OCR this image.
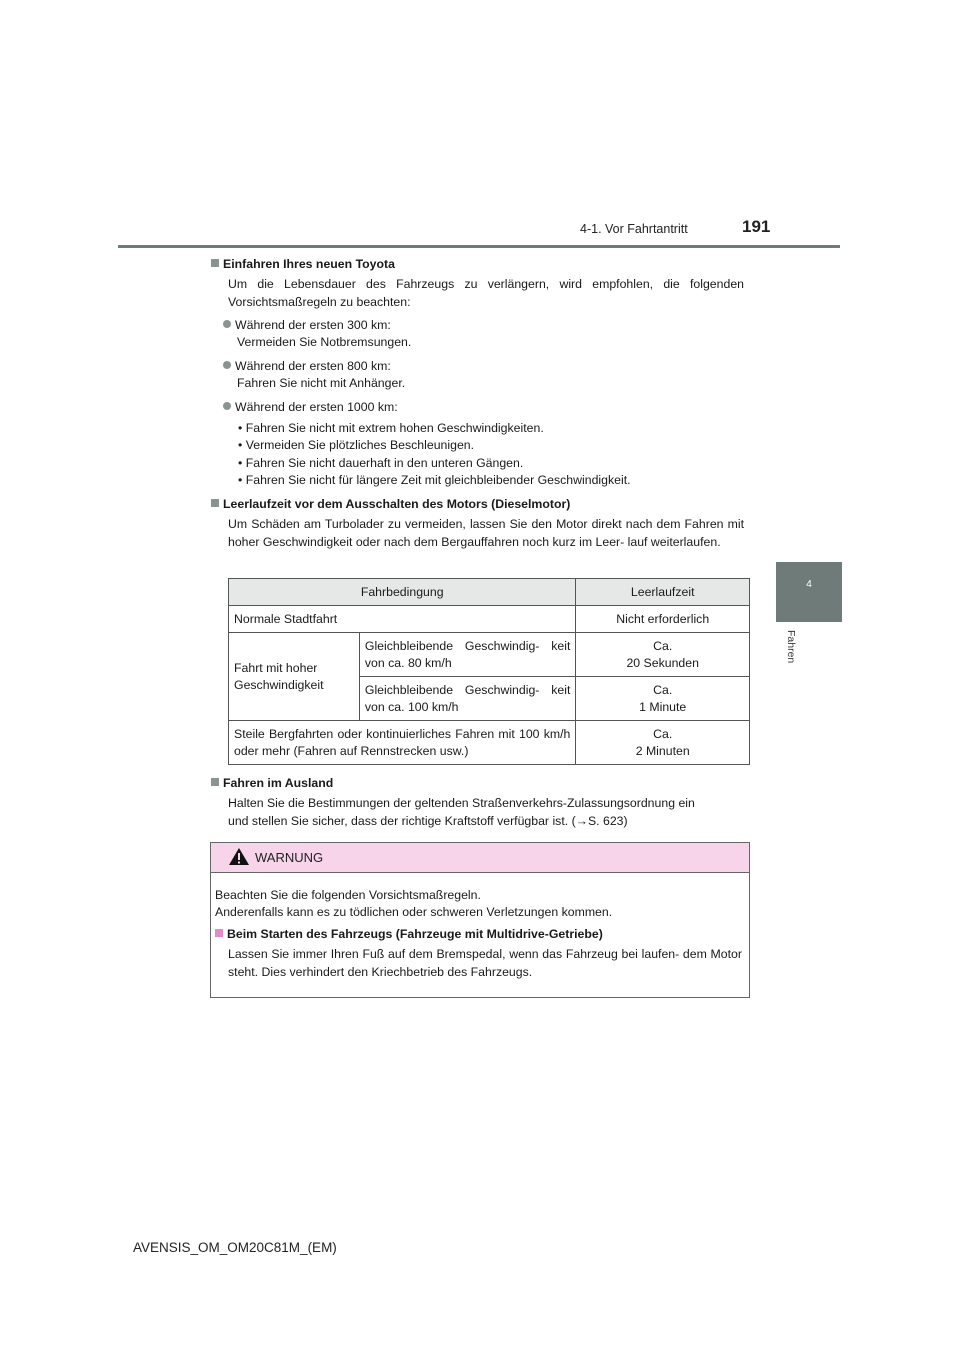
4-1. Vor Fahrtantritt	191
4
Fahren
Einfahren Ihres neuen Toyota
Um die Lebensdauer des Fahrzeugs zu verlängern, wird empfohlen, die folgenden Vorsichtsmaßregeln zu beachten:
Während der ersten 300 km:
Vermeiden Sie Notbremsungen.
Während der ersten 800 km:
Fahren Sie nicht mit Anhänger.
Während der ersten 1000 km:
• Fahren Sie nicht mit extrem hohen Geschwindigkeiten.
• Vermeiden Sie plötzliches Beschleunigen.
• Fahren Sie nicht dauerhaft in den unteren Gängen.
• Fahren Sie nicht für längere Zeit mit gleichbleibender Geschwindigkeit.
Leerlaufzeit vor dem Ausschalten des Motors (Dieselmotor)
Um Schäden am Turbolader zu vermeiden, lassen Sie den Motor direkt nach dem Fahren mit hoher Geschwindigkeit oder nach dem Bergauffahren noch kurz im Leer- lauf weiterlaufen.
Fahrbedingung		Leerlaufzeit
Normale Stadtfahrt		Nicht erforderlich
Fahrt mit hoher Geschwindigkeit	Gleichbleibende Geschwindig- keit von ca. 80 km/h	Ca.
20 Sekunden

	Gleichbleibende Geschwindig- keit von ca. 100 km/h	Ca.
1 Minute

Steile Bergfahrten oder kontinuierliches Fahren mit 100 km/h oder mehr (Fahren auf Rennstrecken usw.)		Ca.
2 Minuten
Fahren im Ausland
Halten Sie die Bestimmungen der geltenden Straßenverkehrs-Zulassungsordnung ein
und stellen Sie sicher, dass der richtige Kraftstoff verfügbar ist. (→S. 623)
WARNUNG
Beachten Sie die folgenden Vorsichtsmaßregeln.
Anderenfalls kann es zu tödlichen oder schweren Verletzungen kommen.
Beim Starten des Fahrzeugs (Fahrzeuge mit Multidrive-Getriebe)
Lassen Sie immer Ihren Fuß auf dem Bremspedal, wenn das Fahrzeug bei laufen- dem Motor steht. Dies verhindert den Kriechbetrieb des Fahrzeugs.
AVENSIS_OM_OM20C81M_(EM)
